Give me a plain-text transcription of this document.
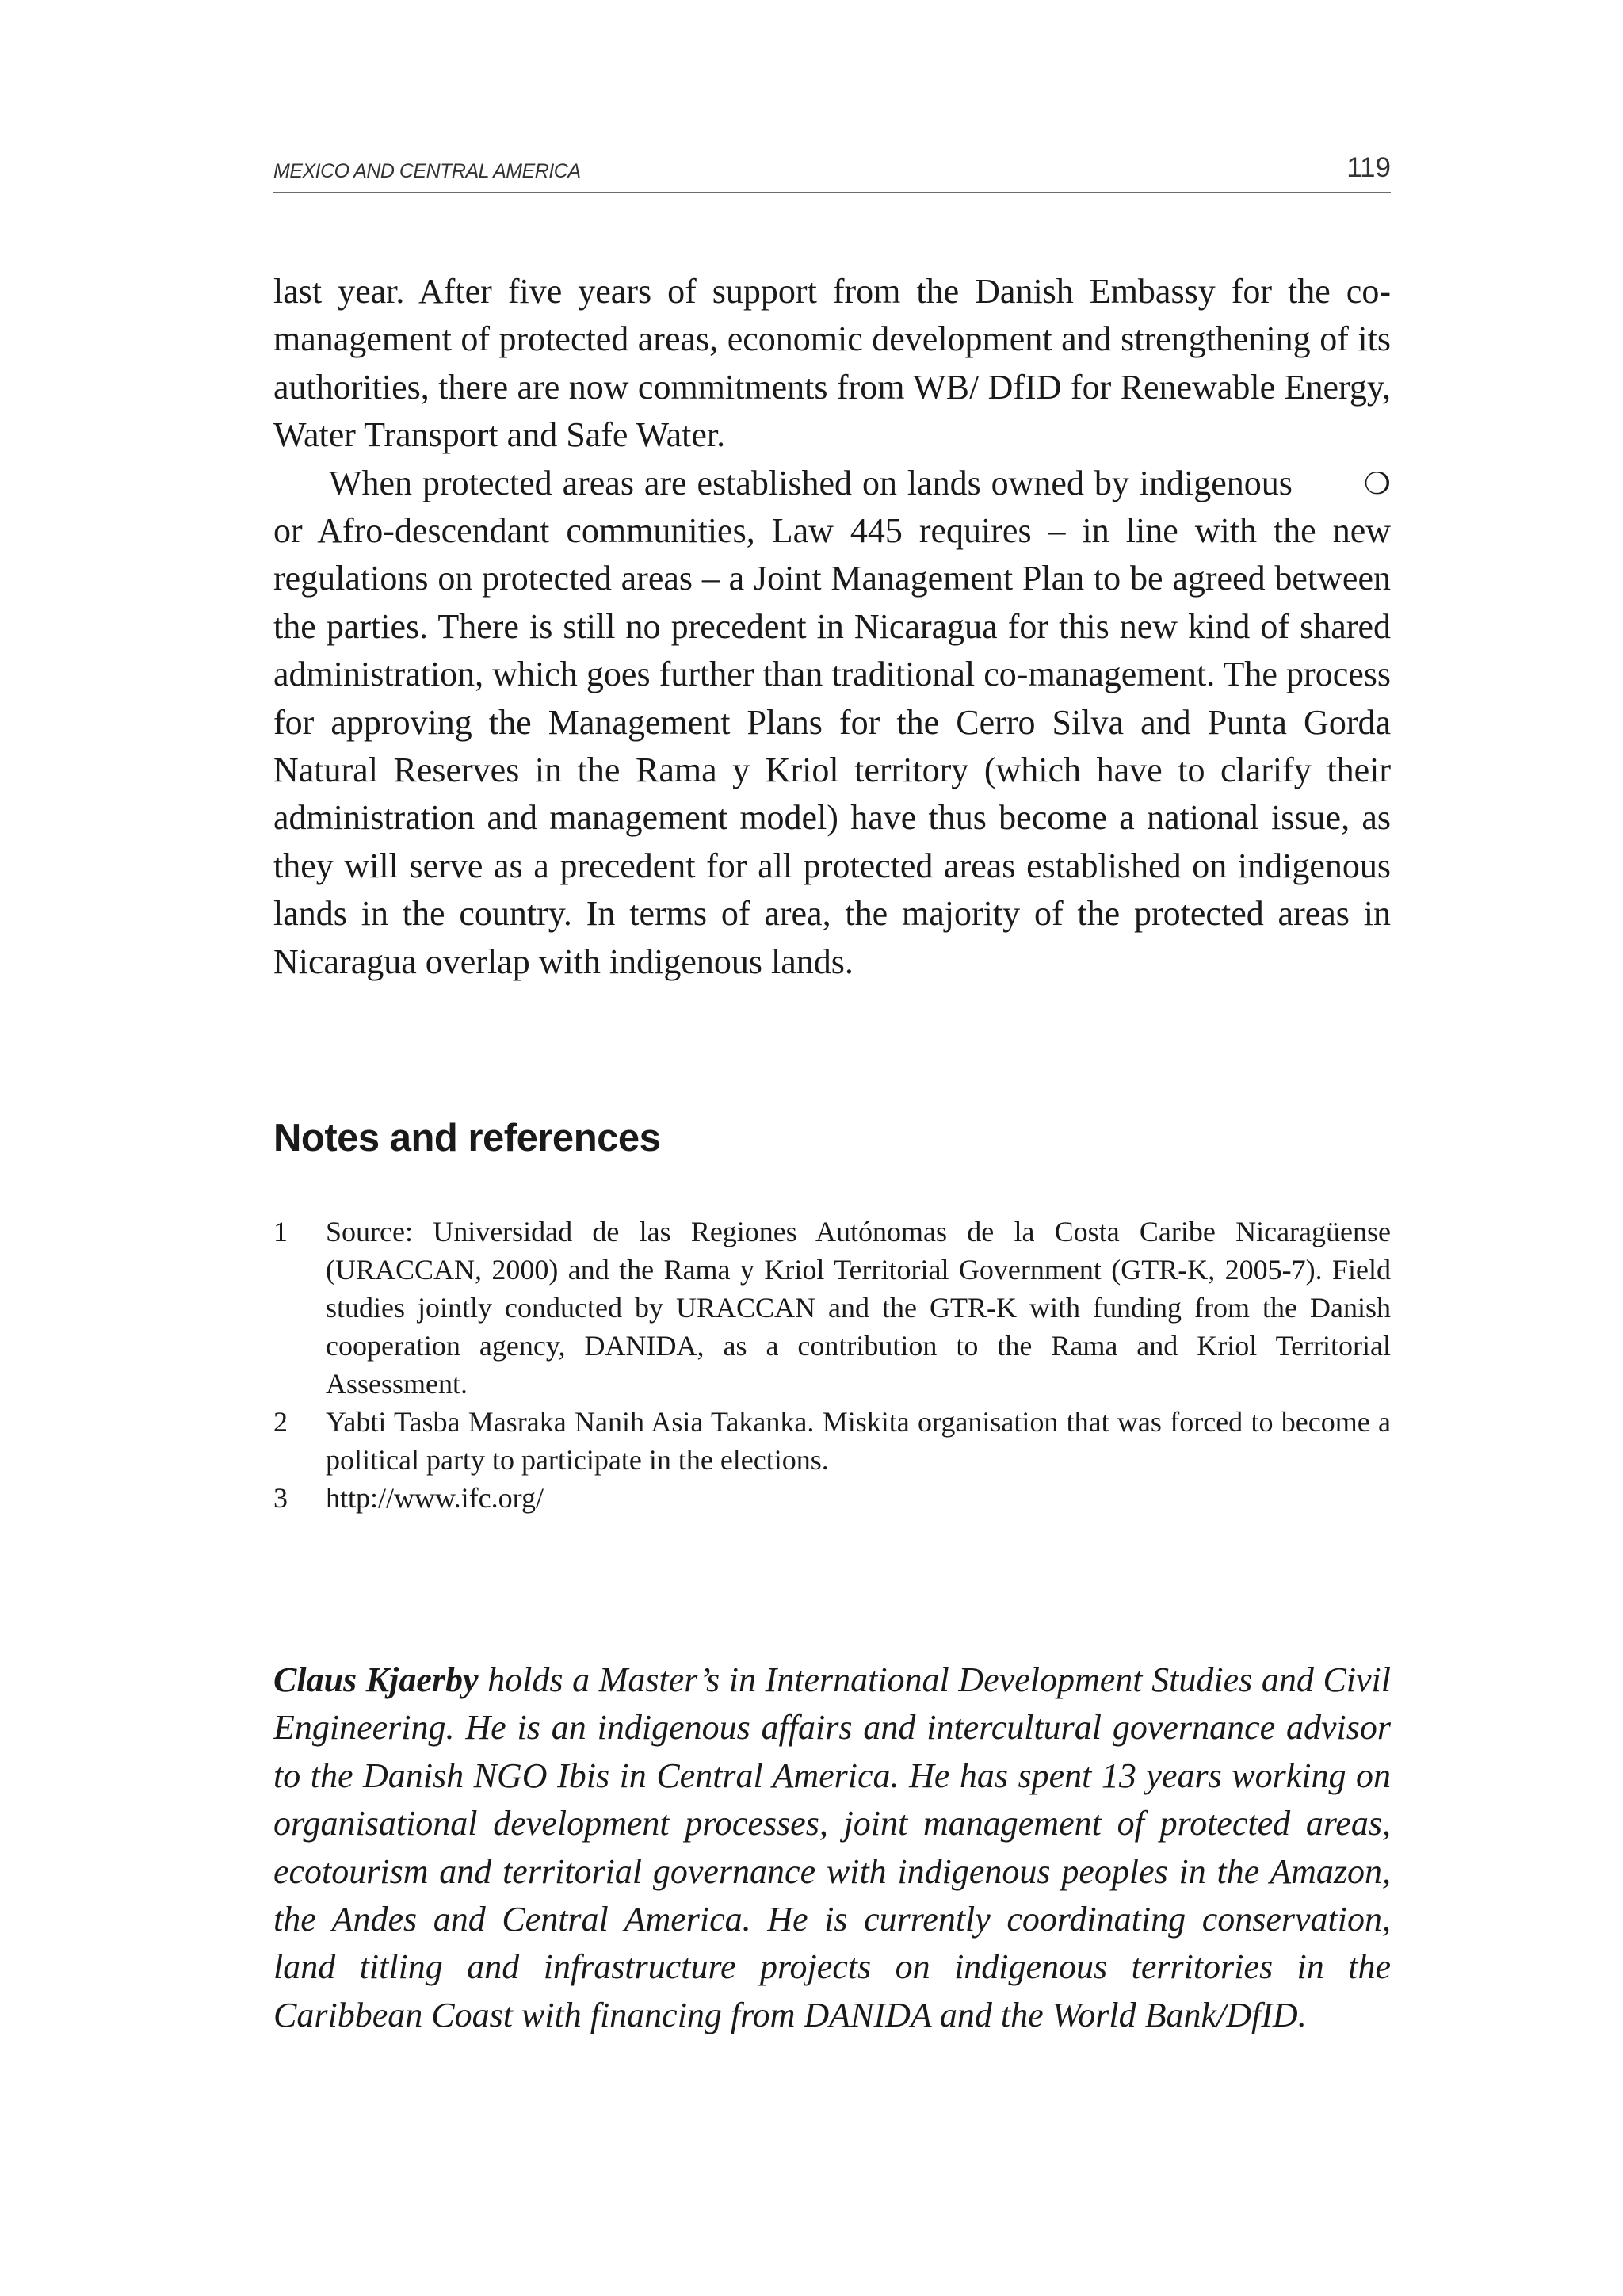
MEXICO AND CENTRAL AMERICA	119

last year. After five years of support from the Danish Embassy for the co-management of protected areas, economic development and strengthening of its authorities, there are now commitments from WB/ DfID for Renewable Energy, Water Transport and Safe Water.

❍
When protected areas are established on lands owned by indigenous or Afro-descendant communities, Law 445 requires – in line with the new regulations on protected areas – a Joint Management Plan to be agreed between the parties. There is still no precedent in Nicaragua for this new kind of shared administration, which goes further than traditional co-management. The process for approving the Management Plans for the Cerro Silva and Punta Gorda Natural Reserves in the Rama y Kriol territory (which have to clarify their administration and management model) have thus become a national issue, as they will serve as a precedent for all protected areas established on indigenous lands in the country. In terms of area, the majority of the protected areas in Nicaragua overlap with indigenous lands.

Notes and references
1 Source: Universidad de las Regiones Autónomas de la Costa Caribe Nicaragüense (URACCAN, 2000) and the Rama y Kriol Territorial Government (GTR-K, 2005-7). Field studies jointly conducted by URACCAN and the GTR-K with funding from the Danish cooperation agency, DANIDA, as a contribution to the Rama and Kriol Territorial Assessment.
2 Yabti Tasba Masraka Nanih Asia Takanka. Miskita organisation that was forced to become a political party to participate in the elections.
3 http://www.ifc.org/

Claus Kjaerby holds a Master’s in International Development Studies and Civil Engineering. He is an indigenous affairs and intercultural governance advisor to the Danish NGO Ibis in Central America. He has spent 13 years working on organisational development processes, joint management of protected areas, ecotourism and territorial governance with indigenous peoples in the Amazon, the Andes and Central America. He is currently coordinating conservation, land titling and infrastructure projects on indigenous territories in the Caribbean Coast with financing from DANIDA and the World Bank/DfID.
